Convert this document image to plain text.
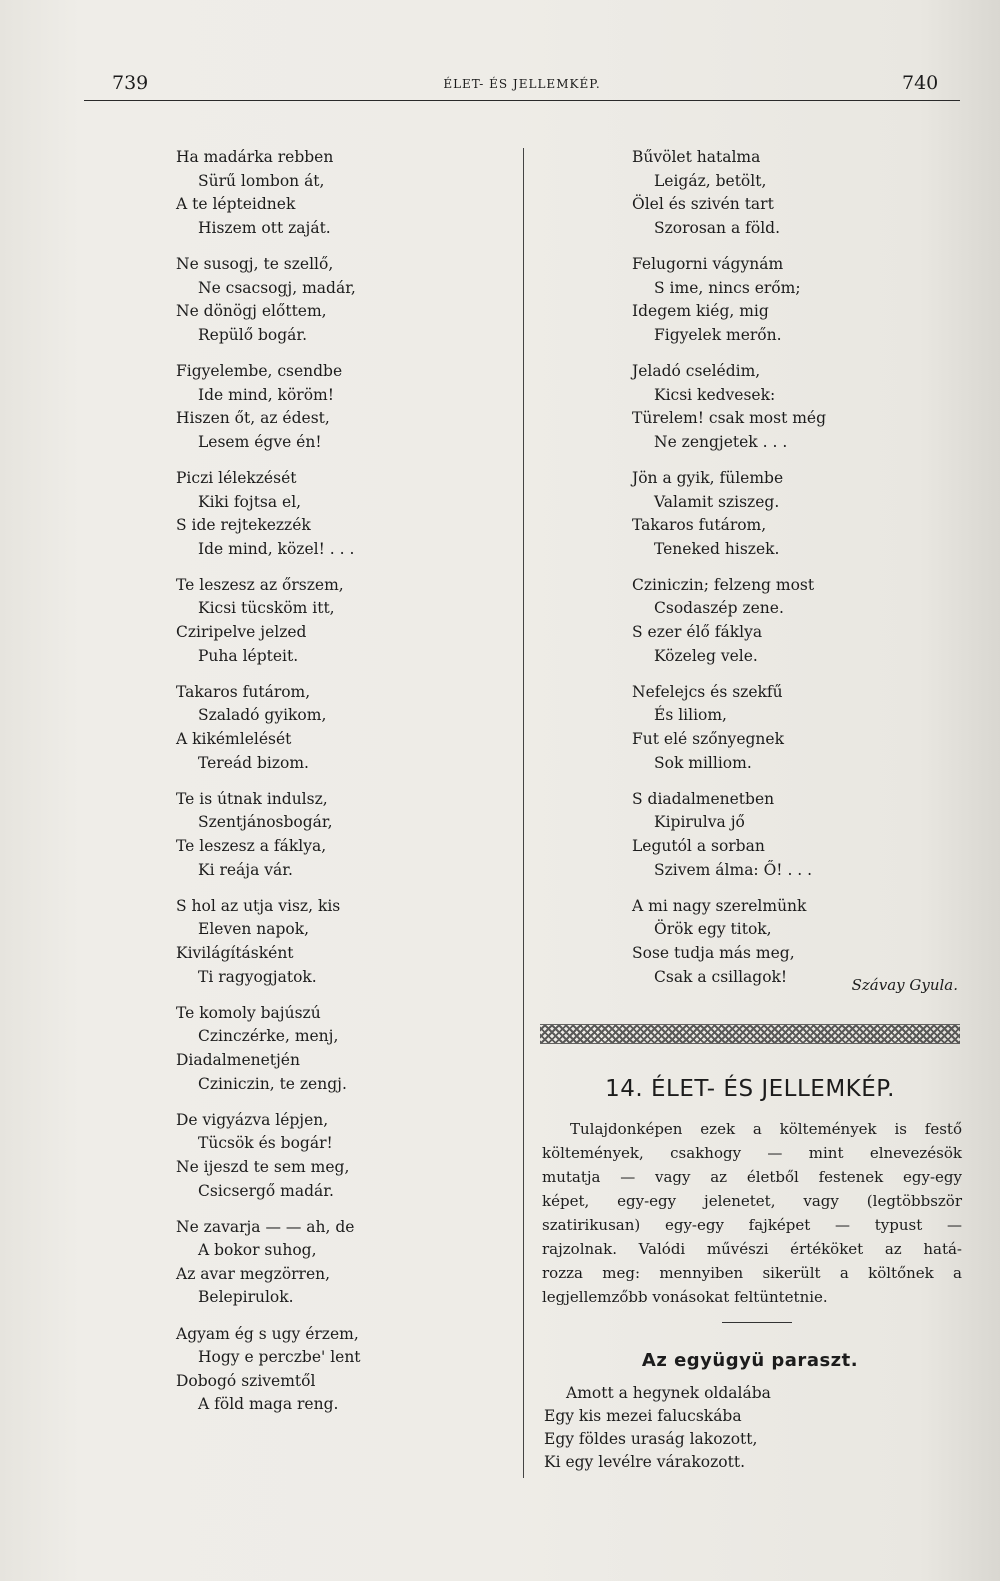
739	ÉLET- ÉS JELLEMKÉP.	740
Ha madárka rebben
Sürű lombon át,
A te lépteidnek
Hiszem ott zaját.
Ne susogj, te szellő,
Ne csacsogj, madár,
Ne dönögj előttem,
Repülő bogár.
Figyelembe, csendbe
Ide mind, köröm!
Hiszen őt, az édest,
Lesem égve én!
Piczi lélekzését
Kiki fojtsa el,
S ide rejtekezzék
Ide mind, közel! . . .
Te leszesz az őrszem,
Kicsi tücsköm itt,
Cziripelve jelzed
Puha lépteit.
Takaros futárom,
Szaladó gyikom,
A kikémlelését
Tereád bizom.
Te is útnak indulsz,
Szentjánosbogár,
Te leszesz a fáklya,
Ki reája vár.
S hol az utja visz, kis
Eleven napok,
Kivilágításként
Ti ragyogjatok.
Te komoly bajúszú
Czinczérke, menj,
Diadalmenetjén
Cziniczin, te zengj.
De vigyázva lépjen,
Tücsök és bogár!
Ne ijeszd te sem meg,
Csicsergő madár.
Ne zavarja — — ah, de
A bokor suhog,
Az avar megzörren,
Belepirulok.
Agyam ég s ugy érzem,
Hogy e perczbe' lent
Dobogó szivemtől
A föld maga reng.
Bűvölet hatalma
Leigáz, betölt,
Ölel és szivén tart
Szorosan a föld.
Felugorni vágynám
S ime, nincs erőm;
Idegem kiég, mig
Figyelek merőn.
Jeladó cselédim,
Kicsi kedvesek:
Türelem! csak most még
Ne zengjetek . . .
Jön a gyik, fülembe
Valamit sziszeg.
Takaros futárom,
Teneked hiszek.
Cziniczin; felzeng most
Csodaszép zene.
S ezer élő fáklya
Közeleg vele.
Nefelejcs és szekfű
És liliom,
Fut elé szőnyegnek
Sok milliom.
S diadalmenetben
Kipirulva jő
Legutól a sorban
Szivem álma: Ő! . . .
A mi nagy szerelmünk
Örök egy titok,
Sose tudja más meg,
Csak a csillagok!	Szávay Gyula.
14. ÉLET- ÉS JELLEMKÉP.
Tulajdonképen ezek a költemények is festő
költemények, csakhogy — mint elnevezésök
mutatja — vagy az életből festenek egy-egy
képet, egy-egy jelenetet, vagy (legtöbbször
szatirikusan) egy-egy fajképet — typust —
rajzolnak. Valódi művészi értéköket az hatá-
rozza meg: mennyiben sikerült a költőnek a
legjellemzőbb vonásokat feltüntetnie.
Az együgyü paraszt.
Amott a hegynek oldalába
Egy kis mezei falucskába
Egy földes uraság lakozott,
Ki egy levélre várakozott.
